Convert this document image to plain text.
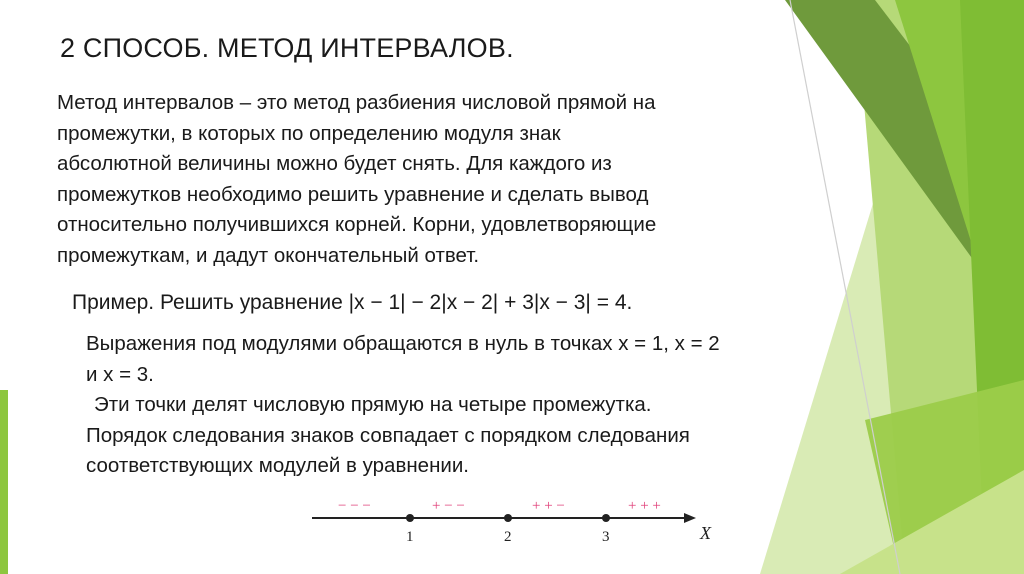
2 СПОСОБ. МЕТОД ИНТЕРВАЛОВ.
Метод интервалов – это метод разбиения числовой прямой на
промежутки, в которых по определению модуля знак
абсолютной величины можно будет снять. Для каждого из
промежутков необходимо решить уравнение и сделать вывод
относительно получившихся корней. Корни, удовлетворяющие
промежуткам, и дадут окончательный ответ.
Пример. Решить уравнение |x − 1| − 2|x − 2| + 3|x − 3| = 4.
Выражения под модулями обращаются в нуль в точках x = 1, x = 2
и x = 3.
Эти точки делят числовую прямую на четыре промежутка.
Порядок следования знаков совпадает с порядком следования
соответствующих модулей в уравнении.
X
1	2	3
− − −	+ − −	+ + −	+ + +
